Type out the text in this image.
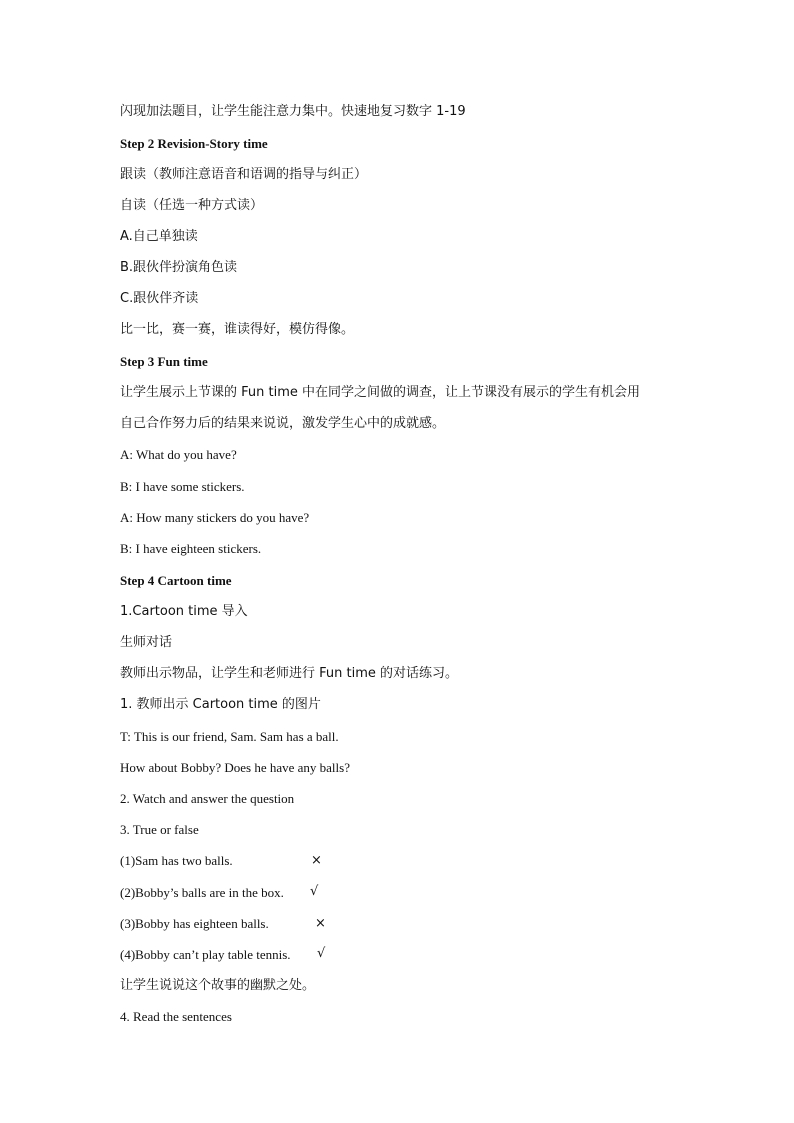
闪现加法题目，让学生能注意力集中。快速地复习数字 1-19
Step 2 Revision-Story time
跟读（教师注意语音和语调的指导与纠正）
自读（任选一种方式读）
A.自己单独读
B.跟伙伴扮演角色读
C.跟伙伴齐读
比一比，赛一赛，谁读得好，模仿得像。
Step 3 Fun time
让学生展示上节课的 Fun time 中在同学之间做的调查，让上节课没有展示的学生有机会用
自己合作努力后的结果来说说，激发学生心中的成就感。
A: What do you have?
B: I have some stickers.
A: How many stickers do you have?
B: I have eighteen stickers.
Step 4 Cartoon time
1.Cartoon time 导入
生师对话
教师出示物品，让学生和老师进行 Fun time 的对话练习。
1. 教师出示 Cartoon time 的图片
T: This is our friend, Sam. Sam has a ball.
How about Bobby? Does he have any balls?
2. Watch and answer the question
3. True or false
(1)Sam has two balls.
(2)Bobby’s balls are in the box.
(3)Bobby has eighteen balls.
(4)Bobby can’t play table tennis.
让学生说说这个故事的幽默之处。
4. Read the sentences
×
√
×
√
